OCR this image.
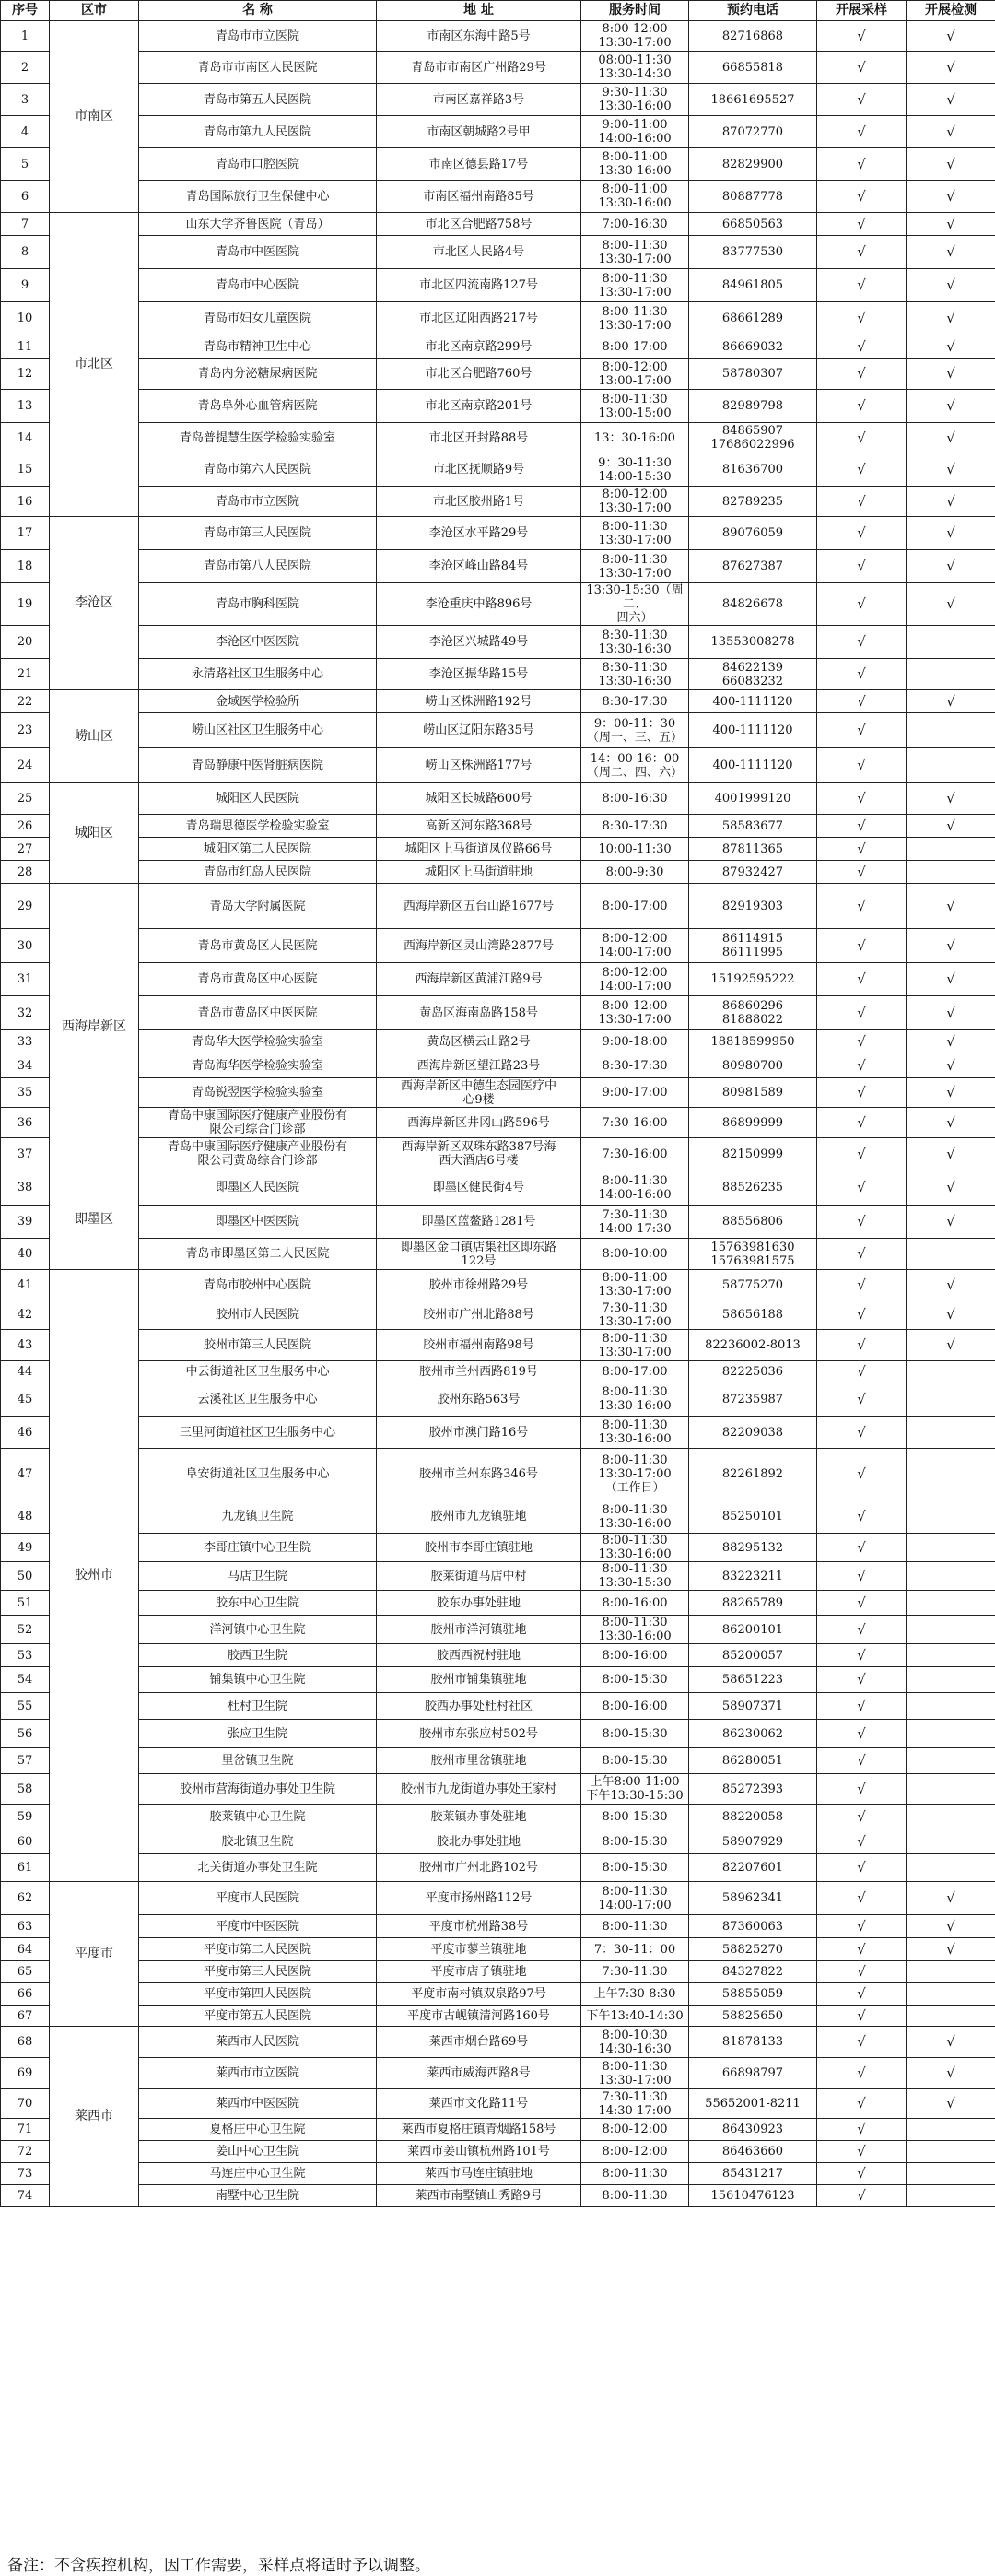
序号	区市	名 称	地 址	服务时间	预约电话	开展采样	开展检测
1	市南区	青岛市市立医院	市南区东海中路5号	8:00-12:00
13:30-17:00	82716868	√	√
2		青岛市市南区人民医院	青岛市市南区广州路29号	08:00-11:30
13:30-14:30	66855818	√	√
3		青岛市第五人民医院	市南区嘉祥路3号	9:30-11:30
13:30-16:00	18661695527	√	√
4		青岛市第九人民医院	市南区朝城路2号甲	9:00-11:00
14:00-16:00	87072770	√	√
5		青岛市口腔医院	市南区德县路17号	8:00-11:00
13:30-16:00	82829900	√	√
6		青岛国际旅行卫生保健中心	市南区福州南路85号	8:00-11:00
13:30-16:00	80887778	√	√
7	市北区	山东大学齐鲁医院（青岛）	市北区合肥路758号	7:00-16:30	66850563	√	√
8		青岛市中医医院	市北区人民路4号	8:00-11:30
13:30-17:00	83777530	√	√
9		青岛市中心医院	市北区四流南路127号	8:00-11:30
13:30-17:00	84961805	√	√
10		青岛市妇女儿童医院	市北区辽阳西路217号	8:00-11:30
13:30-17:00	68661289	√	√
11		青岛市精神卫生中心	市北区南京路299号	8:00-17:00	86669032	√	√
12		青岛内分泌糖尿病医院	市北区合肥路760号	8:00-12:00
13:00-17:00	58780307	√	√
13		青岛阜外心血管病医院	市北区南京路201号	8:00-11:30
13:00-15:00	82989798	√	√
14		青岛普提慧生医学检验实验室	市北区开封路88号	13：30-16:00	84865907
17686022996	√	√
15		青岛市第六人民医院	市北区抚顺路9号	9：30-11:30
14:00-15:30	81636700	√	√
16		青岛市市立医院	市北区胶州路1号	8:00-12:00
13:30-17:00	82789235	√	√
17	李沧区	青岛市第三人民医院	李沧区水平路29号	8:00-11:30
13:30-17:00	89076059	√	√
18		青岛市第八人民医院	李沧区峰山路84号	8:00-11:30
13:30-17:00	87627387	√	√
19		青岛市胸科医院	李沧重庆中路896号	13:30-15:30（周二、
四六）	84826678	√	√
20		李沧区中医医院	李沧区兴城路49号	8:30-11:30
13:30-16:30	13553008278	√	
21		永清路社区卫生服务中心	李沧区振华路15号	8:30-11:30
13:30-16:30	84622139
66083232	√	
22	崂山区	金域医学检验所	崂山区株洲路192号	8:30-17:30	400-1111120	√	√
23		崂山区社区卫生服务中心	崂山区辽阳东路35号	9：00-11：30
（周一、三、五）	400-1111120	√	
24		青岛静康中医肾脏病医院	崂山区株洲路177号	14：00-16：00
（周二、四、六）	400-1111120	√	
25	城阳区	城阳区人民医院	城阳区长城路600号	8:00-16:30	4001999120	√	√
26		青岛瑞思德医学检验实验室	高新区河东路368号	8:30-17:30	58583677	√	√
27		城阳区第二人民医院	城阳区上马街道凤仪路66号	10:00-11:30	87811365	√	
28		青岛市红岛人民医院	城阳区上马街道驻地	8:00-9:30	87932427	√	
29	西海岸新区	青岛大学附属医院	西海岸新区五台山路1677号	8:00-17:00	82919303	√	√
30		青岛市黄岛区人民医院	西海岸新区灵山湾路2877号	8:00-12:00
14:00-17:00	86114915
86111995	√	√
31		青岛市黄岛区中心医院	西海岸新区黄浦江路9号	8:00-12:00
14:00-17:00	15192595222	√	√
32		青岛市黄岛区中医医院	黄岛区海南岛路158号	8:00-12:00
13:30-17:00	86860296
81888022	√	√
33		青岛华大医学检验实验室	黄岛区横云山路2号	9:00-18:00	18818599950	√	√
34		青岛海华医学检验实验室	西海岸新区望江路23号	8:30-17:30	80980700	√	√
35		青岛锐翌医学检验实验室	西海岸新区中德生态园医疗中
心9楼	9:00-17:00	80981589	√	√
36		青岛中康国际医疗健康产业股份有
限公司综合门诊部	西海岸新区井冈山路596号	7:30-16:00	86899999	√	√
37		青岛中康国际医疗健康产业股份有
限公司黄岛综合门诊部	西海岸新区双珠东路387号海
西大酒店6号楼	7:30-16:00	82150999	√	√
38	即墨区	即墨区人民医院	即墨区健民街4号	8:00-11:30
14:00-16:00	88526235	√	√
39		即墨区中医医院	即墨区蓝鳌路1281号	7:30-11:30
14:00-17:30	88556806	√	√
40		青岛市即墨区第二人民医院	即墨区金口镇店集社区即东路
122号	8:00-10:00	15763981630
15763981575	√	
41	胶州市	青岛市胶州中心医院	胶州市徐州路29号	8:00-11:00
13:30-17:00	58775270	√	√
42		胶州市人民医院	胶州市广州北路88号	7:30-11:30
13:30-17:00	58656188	√	√
43		胶州市第三人民医院	胶州市福州南路98号	8:00-11:30
13:30-17:00	82236002-8013	√	√
44		中云街道社区卫生服务中心	胶州市兰州西路819号	8:00-17:00	82225036	√	
45		云溪社区卫生服务中心	胶州东路563号	8:00-11:30
13:30-16:00	87235987	√	
46		三里河街道社区卫生服务中心	胶州市澳门路16号	8:00-11:30
13:30-16:00	82209038	√	
47		阜安街道社区卫生服务中心	胶州市兰州东路346号	8:00-11:30
13:30-17:00
（工作日）	82261892	√	
48		九龙镇卫生院	胶州市九龙镇驻地	8:00-11:30
13:30-16:00	85250101	√	
49		李哥庄镇中心卫生院	胶州市李哥庄镇驻地	8:00-11:30
13:30-16:00	88295132	√	
50		马店卫生院	胶莱街道马店中村	8:00-11:30
13:30-15:30	83223211	√	
51		胶东中心卫生院	胶东办事处驻地	8:00-16:00	88265789	√	
52		洋河镇中心卫生院	胶州市洋河镇驻地	8:00-11:30
13:30-16:00	86200101	√	
53		胶西卫生院	胶西西祝村驻地	8:00-16:00	85200057	√	
54		铺集镇中心卫生院	胶州市铺集镇驻地	8:00-15:30	58651223	√	
55		杜村卫生院	胶西办事处杜村社区	8:00-16:00	58907371	√	
56		张应卫生院	胶州市东张应村502号	8:00-15:30	86230062	√	
57		里岔镇卫生院	胶州市里岔镇驻地	8:00-15:30	86280051	√	
58		胶州市营海街道办事处卫生院	胶州市九龙街道办事处王家村	上午8:00-11:00
下午13:30-15:30	85272393	√	
59		胶莱镇中心卫生院	胶莱镇办事处驻地	8:00-15:30	88220058	√	
60		胶北镇卫生院	胶北办事处驻地	8:00-15:30	58907929	√	
61		北关街道办事处卫生院	胶州市广州北路102号	8:00-15:30	82207601	√	
62	平度市	平度市人民医院	平度市扬州路112号	8:00-11:30
14:00-17:00	58962341	√	√
63		平度市中医医院	平度市杭州路38号	8:00-11:30	87360063	√	√
64		平度市第二人民医院	平度市蓼兰镇驻地	7：30-11：00	58825270	√	√
65		平度市第三人民医院	平度市店子镇驻地	7:30-11:30	84327822	√	
66		平度市第四人民医院	平度市南村镇双泉路97号	上午7:30-8:30	58855059	√	
67		平度市第五人民医院	平度市古岘镇清河路160号	下午13:40-14:30	58825650	√	
68	莱西市	莱西市人民医院	莱西市烟台路69号	8:00-10:30
14:30-16:30	81878133	√	√
69		莱西市市立医院	莱西市威海西路8号	8:00-11:30
13:30-17:00	66898797	√	√
70		莱西市中医医院	莱西市文化路11号	7:30-11:30
14:30-17:00	55652001-8211	√	√
71		夏格庄中心卫生院	莱西市夏格庄镇青烟路158号	8:00-12:00	86430923	√	
72		姜山中心卫生院	莱西市姜山镇杭州路101号	8:00-12:00	86463660	√	
73		马连庄中心卫生院	莱西市马连庄镇驻地	8:00-11:30	85431217	√	
74		南墅中心卫生院	莱西市南墅镇山秀路9号	8:00-11:30	15610476123	√	
备注：不含疾控机构，因工作需要，采样点将适时予以调整。
